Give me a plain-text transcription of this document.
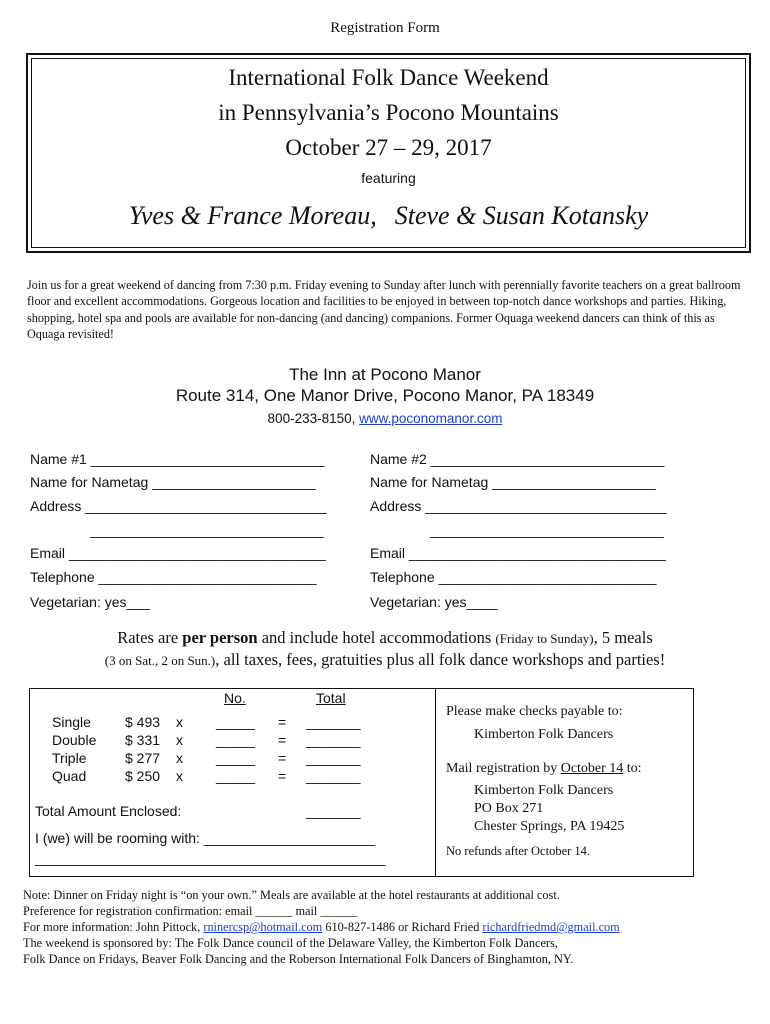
Registration Form
International Folk Dance Weekend
in Pennsylvania’s Pocono Mountains
October 27 – 29, 2017
featuring
Yves & France Moreau, Steve & Susan Kotansky
Join us for a great weekend of dancing from 7:30 p.m. Friday evening to Sunday after lunch with perennially favorite teachers on a great ballroom floor and excellent accommodations. Gorgeous location and facilities to be enjoyed in between top-notch dance workshops and parties. Hiking, shopping, hotel spa and pools are available for non-dancing (and dancing) companions. Former Oquaga weekend dancers can think of this as Oquaga revisited!
The Inn at Pocono Manor
Route 314, One Manor Drive, Pocono Manor, PA 18349
800-233-8150, www.poconomanor.com
Name #1 ______________________________
Name for Nametag _____________________
Address _______________________________
______________________________
Email _________________________________
Telephone ____________________________
Vegetarian: yes___
Name #2 ______________________________
Name for Nametag _____________________
Address _______________________________
______________________________
Email _________________________________
Telephone ____________________________
Vegetarian: yes____
Rates are per person and include hotel accommodations (Friday to Sunday), 5 meals
(3 on Sat., 2 on Sun.), all taxes, fees, gratuities plus all folk dance workshops and parties!
No.	Total
Single $ 493 x _____ = _______
Double $ 331 x _____ = _______
Triple	$ 277 x _____ = _______
Quad	$ 250 x _____ = _______
Total Amount Enclosed:	_______
I (we) will be rooming with: ______________________
_____________________________________________
Please make checks payable to:
Kimberton Folk Dancers
Mail registration by October 14 to:
Kimberton Folk Dancers
PO Box 271
Chester Springs, PA 19425
No refunds after October 14.
Note: Dinner on Friday night is “on your own.” Meals are available at the hotel restaurants at additional cost.
Preference for registration confirmation: email ______ mail ______
For more information: John Pittock, rninercsp@hotmail.com 610-827-1486 or Richard Fried richardfriedmd@gmail.com
The weekend is sponsored by: The Folk Dance council of the Delaware Valley, the Kimberton Folk Dancers,
Folk Dance on Fridays, Beaver Folk Dancing and the Roberson International Folk Dancers of Binghamton, NY.
